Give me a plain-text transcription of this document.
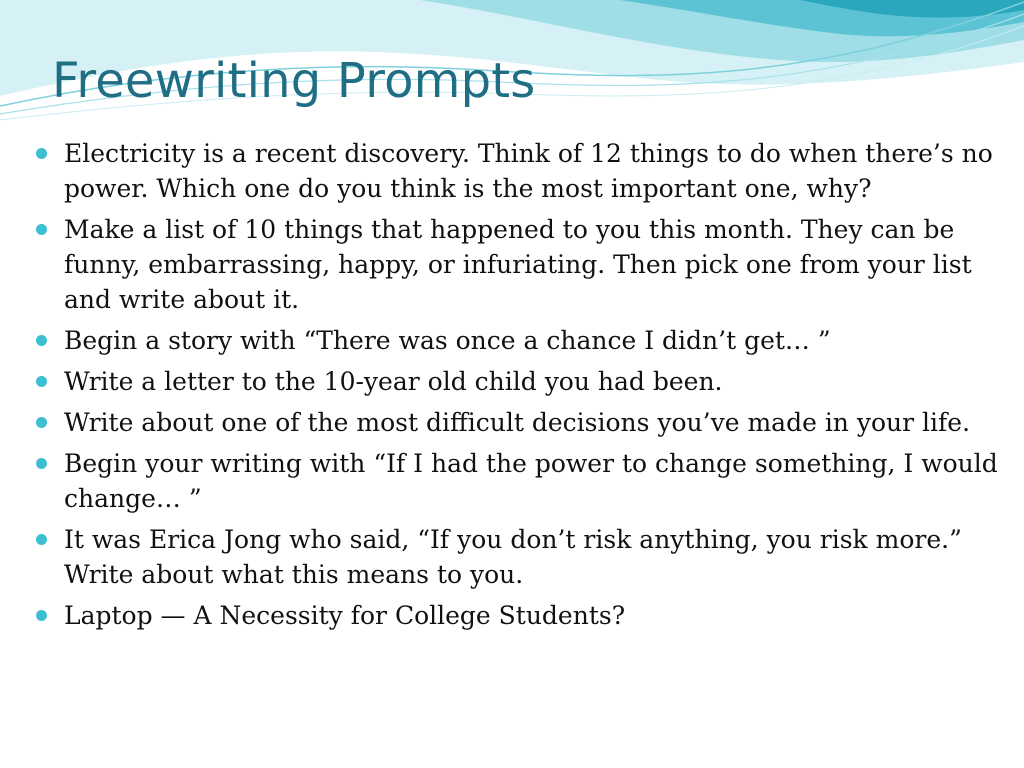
Freewriting Prompts
Electricity is a recent discovery. Think of 12 things to do when there’s no power. Which one do you think is the most important one, why?
Make a list of 10 things that happened to you this month. They can be funny, embarrassing, happy, or infuriating. Then pick one from your list and write about it.
Begin a story with “There was once a chance I didn’t get… ”
Write a letter to the 10-year old child you had been.
Write about one of the most difficult decisions you’ve made in your life.
Begin your writing with “If I had the power to change something, I would change… ”
It was Erica Jong who said, “If you don’t risk anything, you risk more.” Write about what this means to you.
Laptop — A Necessity for College Students?
